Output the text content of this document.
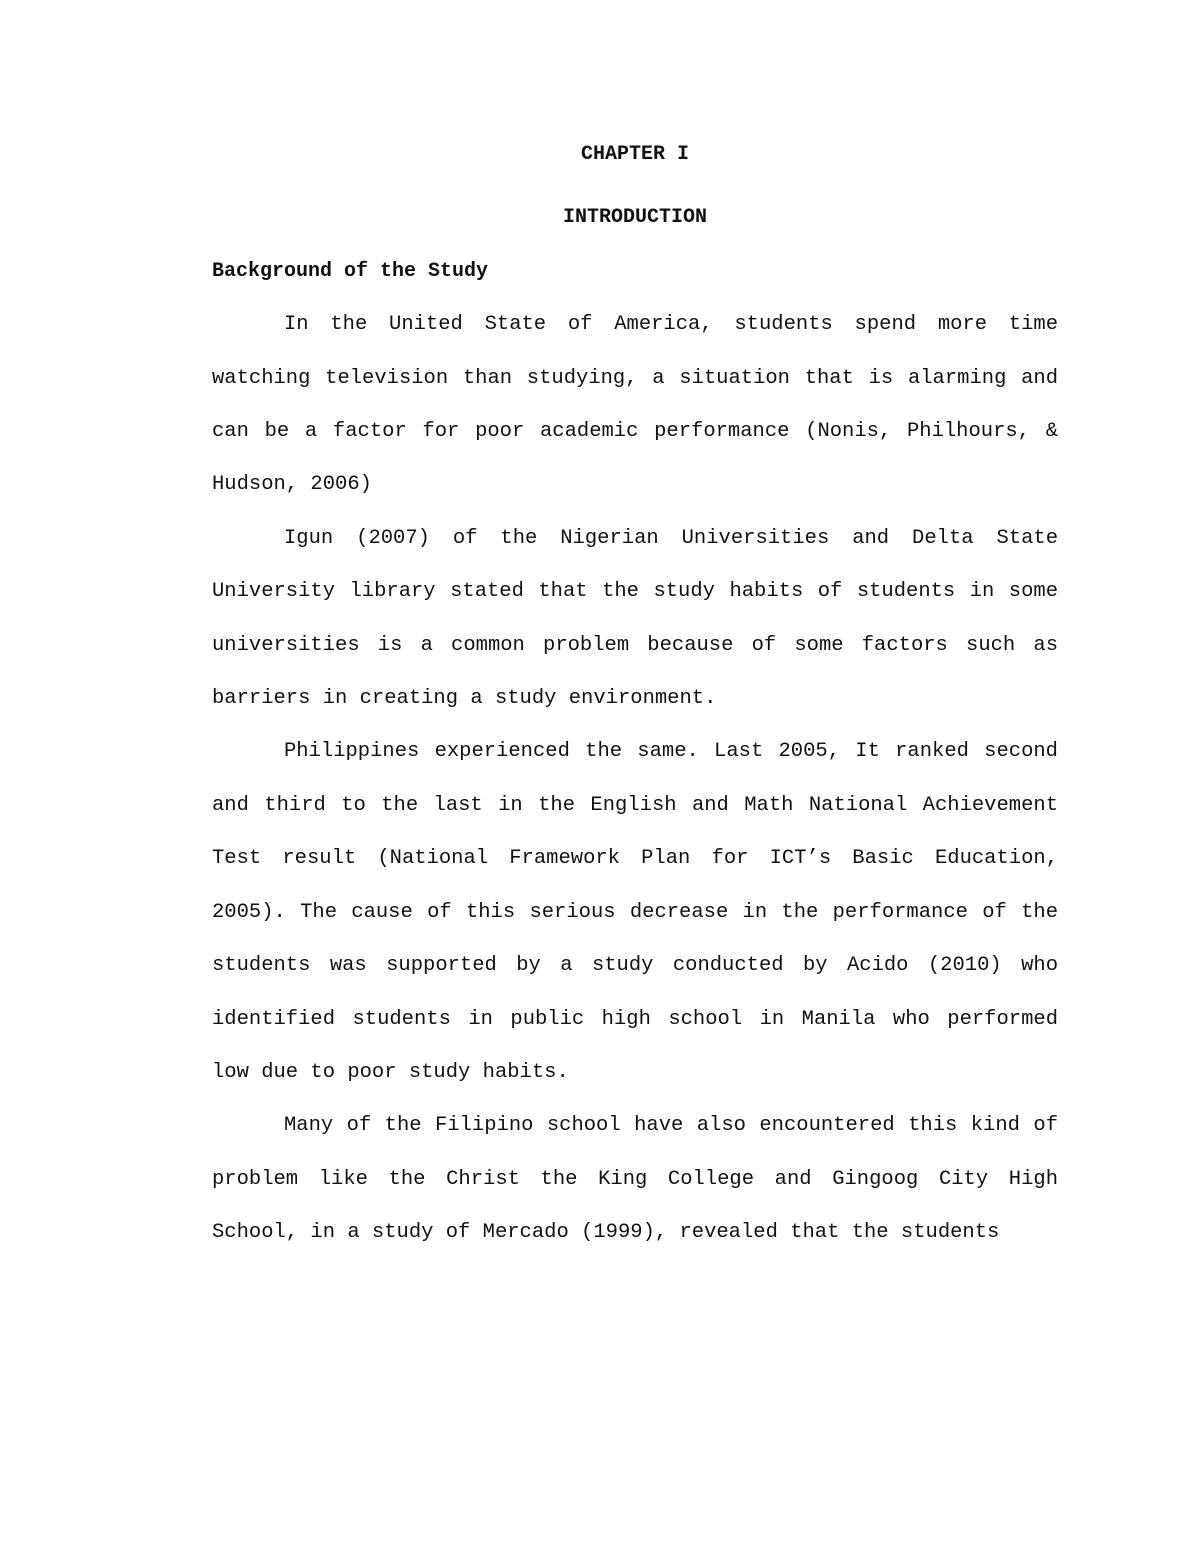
CHAPTER I

INTRODUCTION

Background of the Study

In the United State of America, students spend more time watching television than studying, a situation that is alarming and can be a factor for poor academic performance (Nonis, Philhours, & Hudson, 2006)

Igun (2007) of the Nigerian Universities and Delta State University library stated that the study habits of students in some universities is a common problem because of some factors such as barriers in creating a study environment.

Philippines experienced the same. Last 2005, It ranked second and third to the last in the English and Math National Achievement Test result (National Framework Plan for ICT’s Basic Education, 2005). The cause of this serious decrease in the performance of the students was supported by a study conducted by Acido (2010) who identified students in public high school in Manila who performed low due to poor study habits.

Many of the Filipino school have also encountered this kind of problem like the Christ the King College and Gingoog City High School, in a study of Mercado (1999), revealed that the students
